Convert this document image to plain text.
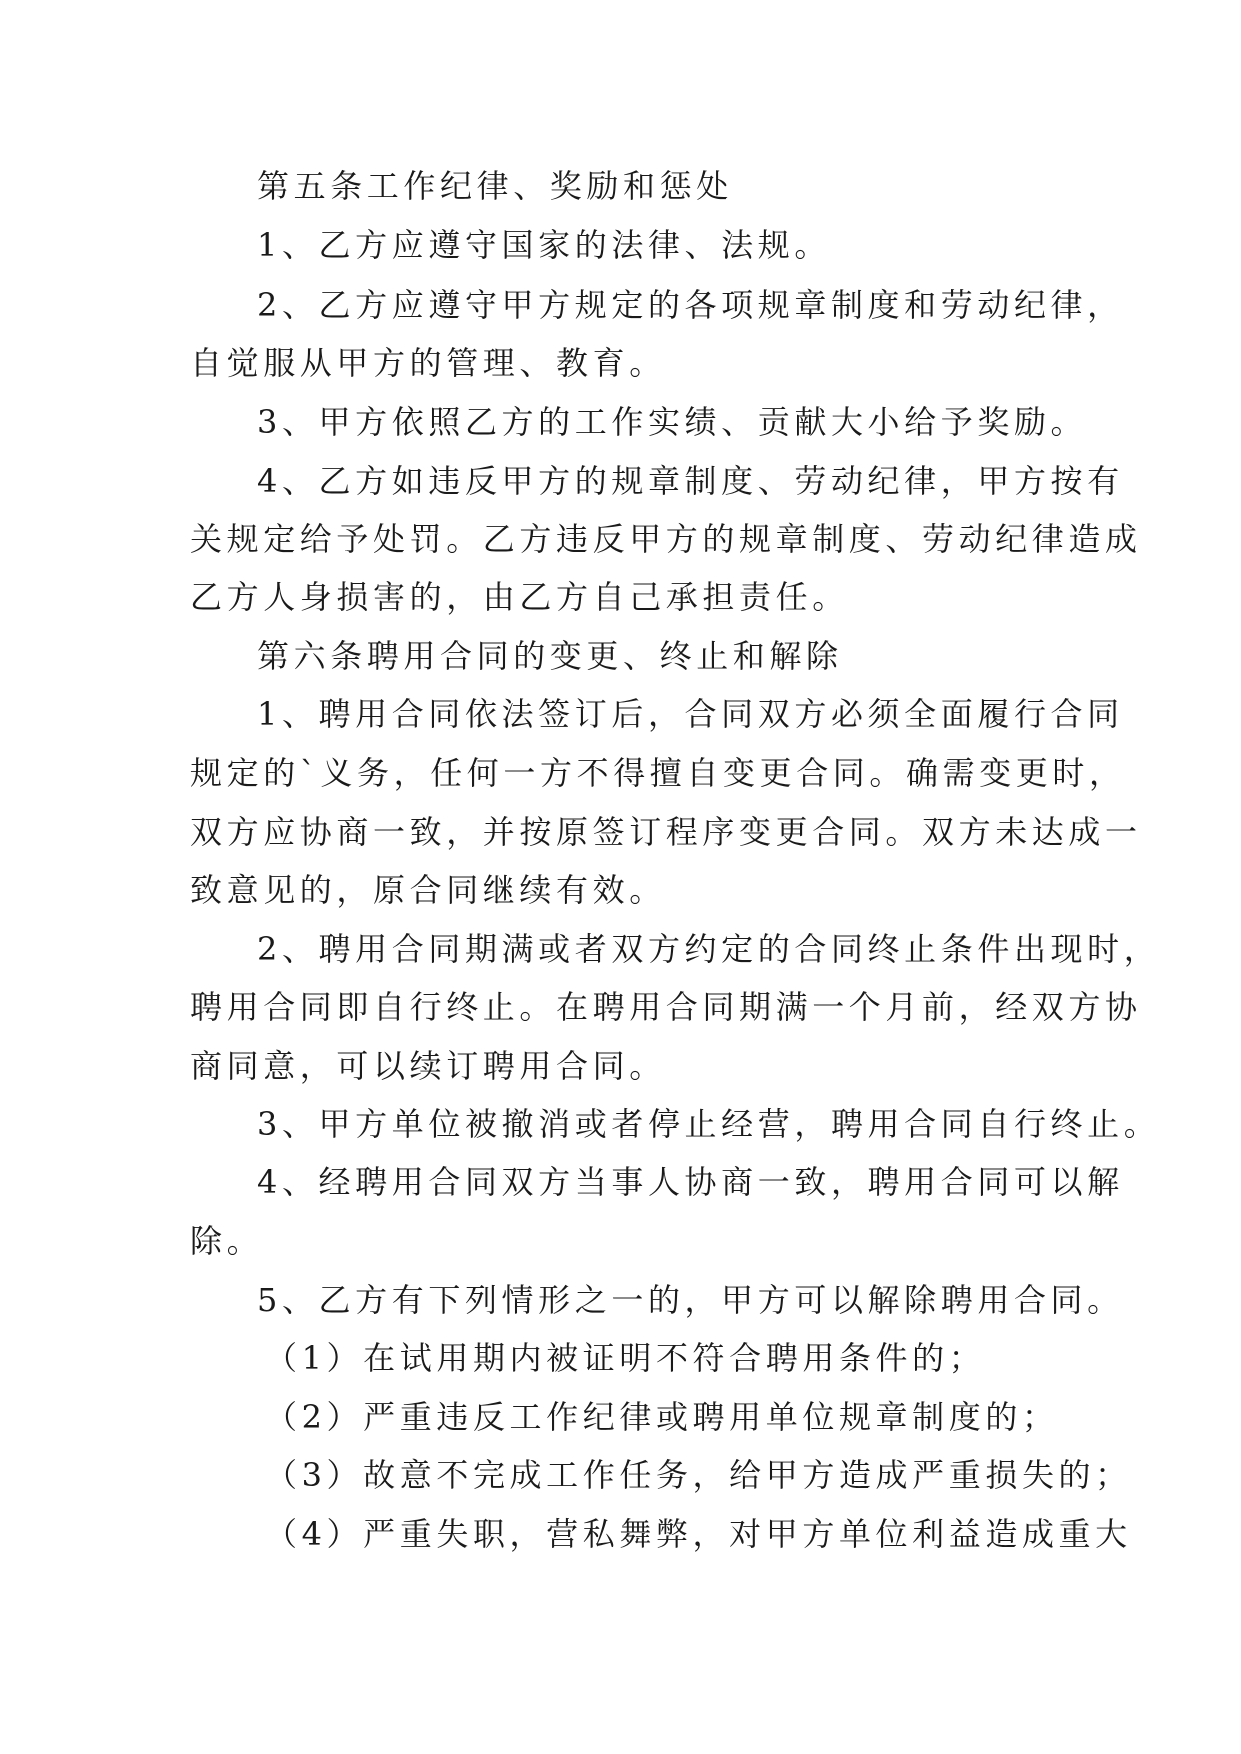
第五条工作纪律、奖励和惩处
1、乙方应遵守国家的法律、法规。
2、乙方应遵守甲方规定的各项规章制度和劳动纪律，
自觉服从甲方的管理、教育。
3、甲方依照乙方的工作实绩、贡献大小给予奖励。
4、乙方如违反甲方的规章制度、劳动纪律，甲方按有
关规定给予处罚。乙方违反甲方的规章制度、劳动纪律造成
乙方人身损害的，由乙方自己承担责任。
第六条聘用合同的变更、终止和解除
1、聘用合同依法签订后，合同双方必须全面履行合同
规定的`义务，任何一方不得擅自变更合同。确需变更时，
双方应协商一致，并按原签订程序变更合同。双方未达成一
致意见的，原合同继续有效。
2、聘用合同期满或者双方约定的合同终止条件出现时，
聘用合同即自行终止。在聘用合同期满一个月前，经双方协
商同意，可以续订聘用合同。
3、甲方单位被撤消或者停止经营，聘用合同自行终止。
4、经聘用合同双方当事人协商一致，聘用合同可以解
除。
5、乙方有下列情形之一的，甲方可以解除聘用合同。
（1）在试用期内被证明不符合聘用条件的；
（2）严重违反工作纪律或聘用单位规章制度的；
（3）故意不完成工作任务，给甲方造成严重损失的；
（4）严重失职，营私舞弊，对甲方单位利益造成重大
